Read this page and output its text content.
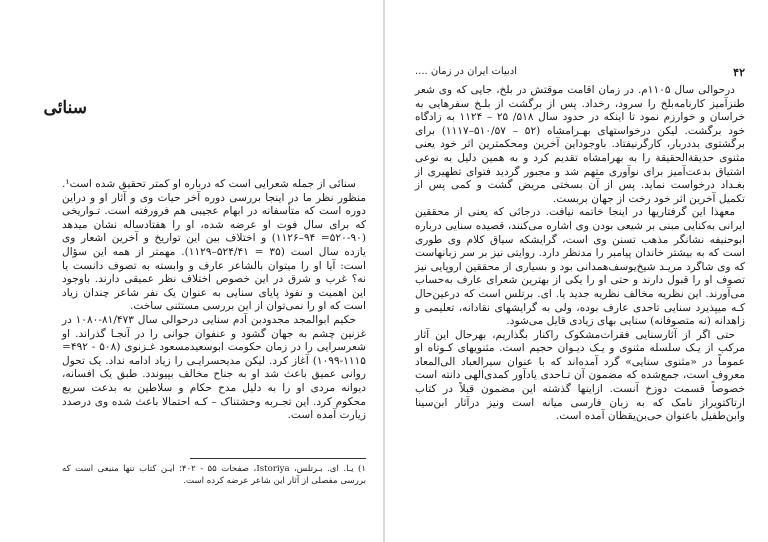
سنائی

سنائی از جمله شعرایی است که درباره او کمتر تحقیق شده است¹. منظور نظر ما در اینجا بررسی دوره آخر حیات وی و آثار او و دراین دوره است که متأسفانه در ابهام عجیبی هم فرورفته است. تـواریخی که برای سال فوت او عرضه شده، او را هفتادساله نشان میدهد (۹۰-۵۲۰= ۹۴–۱۱۲۶) و اختلاف بین این تواریخ و آخرین اشعار وی یازده سال است (۳۵ = ۵۲۴/۴۱–۱۱۲۹). مهمتر از همه این سؤال است: آیا او را میتوان بالشاعر عارف و وابسته به تصوف دانست یا نه؟ غرب و شرق در این خصوص اختلاف نظر عمیقی دارند. باوجود این اهمیت و نفوذ پایای سنایی به عنوان یک نفر شاعر چندان زیاد است که او را نمی‌توان از این بررسی مستثنی ساخت.

حکیم ابوالمجد مجدودبن آدم سنایی درحوالی سال ۸۱/۴۷۳-۱۰۸۰ در غزنین چشم به جهان گشود و عنفوان جوانی را در آنجـا گذراند. او شعرسرایی را در زمان حکومت ابوسعیدمسعود غـزنوی (۵۰۸ - ۴۹۲= ۱۱۱۵-۱۰۹۹) آغاز کرد. لیکن مدیحسرایـی را زیاد ادامه نداد. یک تحول روانی عمیق باعث شد او به جناح مخالف بپیوندد. طبق یک افسانه، دیوانه مردی او را به دلیل مدح حکام و سلاطین به بدعت سریع محکوم کرد. این تجـربه وحشتناک – کـه احتمالا باعث شده وی درصدد زیارت آمده است.

۱) یـا. ای. بـرتلس، Istoriya، صفحات ۵۵ - ۴۰۲؛ ایـن کتاب تنها منبعی است که بررسی مفصلی از آثار این شاعر عرضه کرده است.
۴۲
ادبیات ایران در زمان ....

درحوالی سال ۱۱۰۵م. در زمان اقامت موقتش در بلخ، جایی که وی شعر طنزآمیز کارنامه‌بلخ را سرود، رخداد. پس از برگشت از بلـخ سفرهایی به خراسان و خوارزم نمود تا اینکه در حدود سال ۵۱۸/ ۲۵ – ۱۱۲۴ به زادگاه خود برگشت. لیکن درخواستهای بهـرامشاه (۵۲ – ۵۱۰/۵۷–۱۱۱۷) برای برگشتوی بددربار، کارگرنیفتاد. باوجوداین آخرین ومحکمترین اثر خود یعنی مثنوی حدیقة‌الحقیقة را به بهرامشاه تقدیم کرد و به همین دلیل به نوعی اشتیاق بدعت‌آمیز برای نوآوری متهم شد و مجبور گردید فتوای تطهیری از بغـداد درخواست نماید. پس از آن بسختی مریض گشت و کمی پس از تکمیل آخرین اثر خود رخت از جهان بربست.

معهذا این گرفتاریها در اینجا خاتمه نیافت. درجائی که یعنی از محققین ایرانی به‌کنایی مبنی بر شیعی بودن وی اشاره می‌کنند، قصیده سنایی درباره ابوحنیفه نشانگر مذهب تسنن وی است، گرایشکه سیاق کلام وی طوری است که به بیشتر خاندان پیامبر را مدنظر دارد. روایتی نیز بر سر زبانهاست که وی شاگرد مریـد شیخ‌یوسف‌همدانی بود و بسیاری از محققین اروپایی نیز تصوف او را قبول دارند و حتی او را یکی از بهترین شعرای عارف به‌حساب می‌آورند. این نظریه مخالف نظریه جدید یا. ای. برتلس است که درعین‌حال کـه میپذیرد سنایی تاحدی عارف بوده، ولی به گرایشهای نقادانه، تعلیمی و زاهدانه (نه متصوفانه) سنایی بهای زیادی قایل می‌شود.

حتی اگر از آثارسنایی فقرات‌مشکوک راکنار بگذاریم، بهرحال این آثار مرکب از یـک سلسله مثنوی و یـک دیـوان حجیم است. مثنویهای کـوتاه او عموماً در «مثنوی سنایی» گرد آمده‌اند که با عنوان سیرالعباد الی‌المعاد معروف است، جمع‌شده که مضمون آن تـاحدی یادآور کمدی‌الهی دانته است خصوصاً قسمت دوزخ آنست. ازاینها گذشته این مضمون قبلاً در کتاب ارتاکتویراز نامک که به زبان فارسی میانه است ونیز درآثار ابن‌سینا وابن‌طفیل باعنوان حی‌بن‌یقظان آمده است.
